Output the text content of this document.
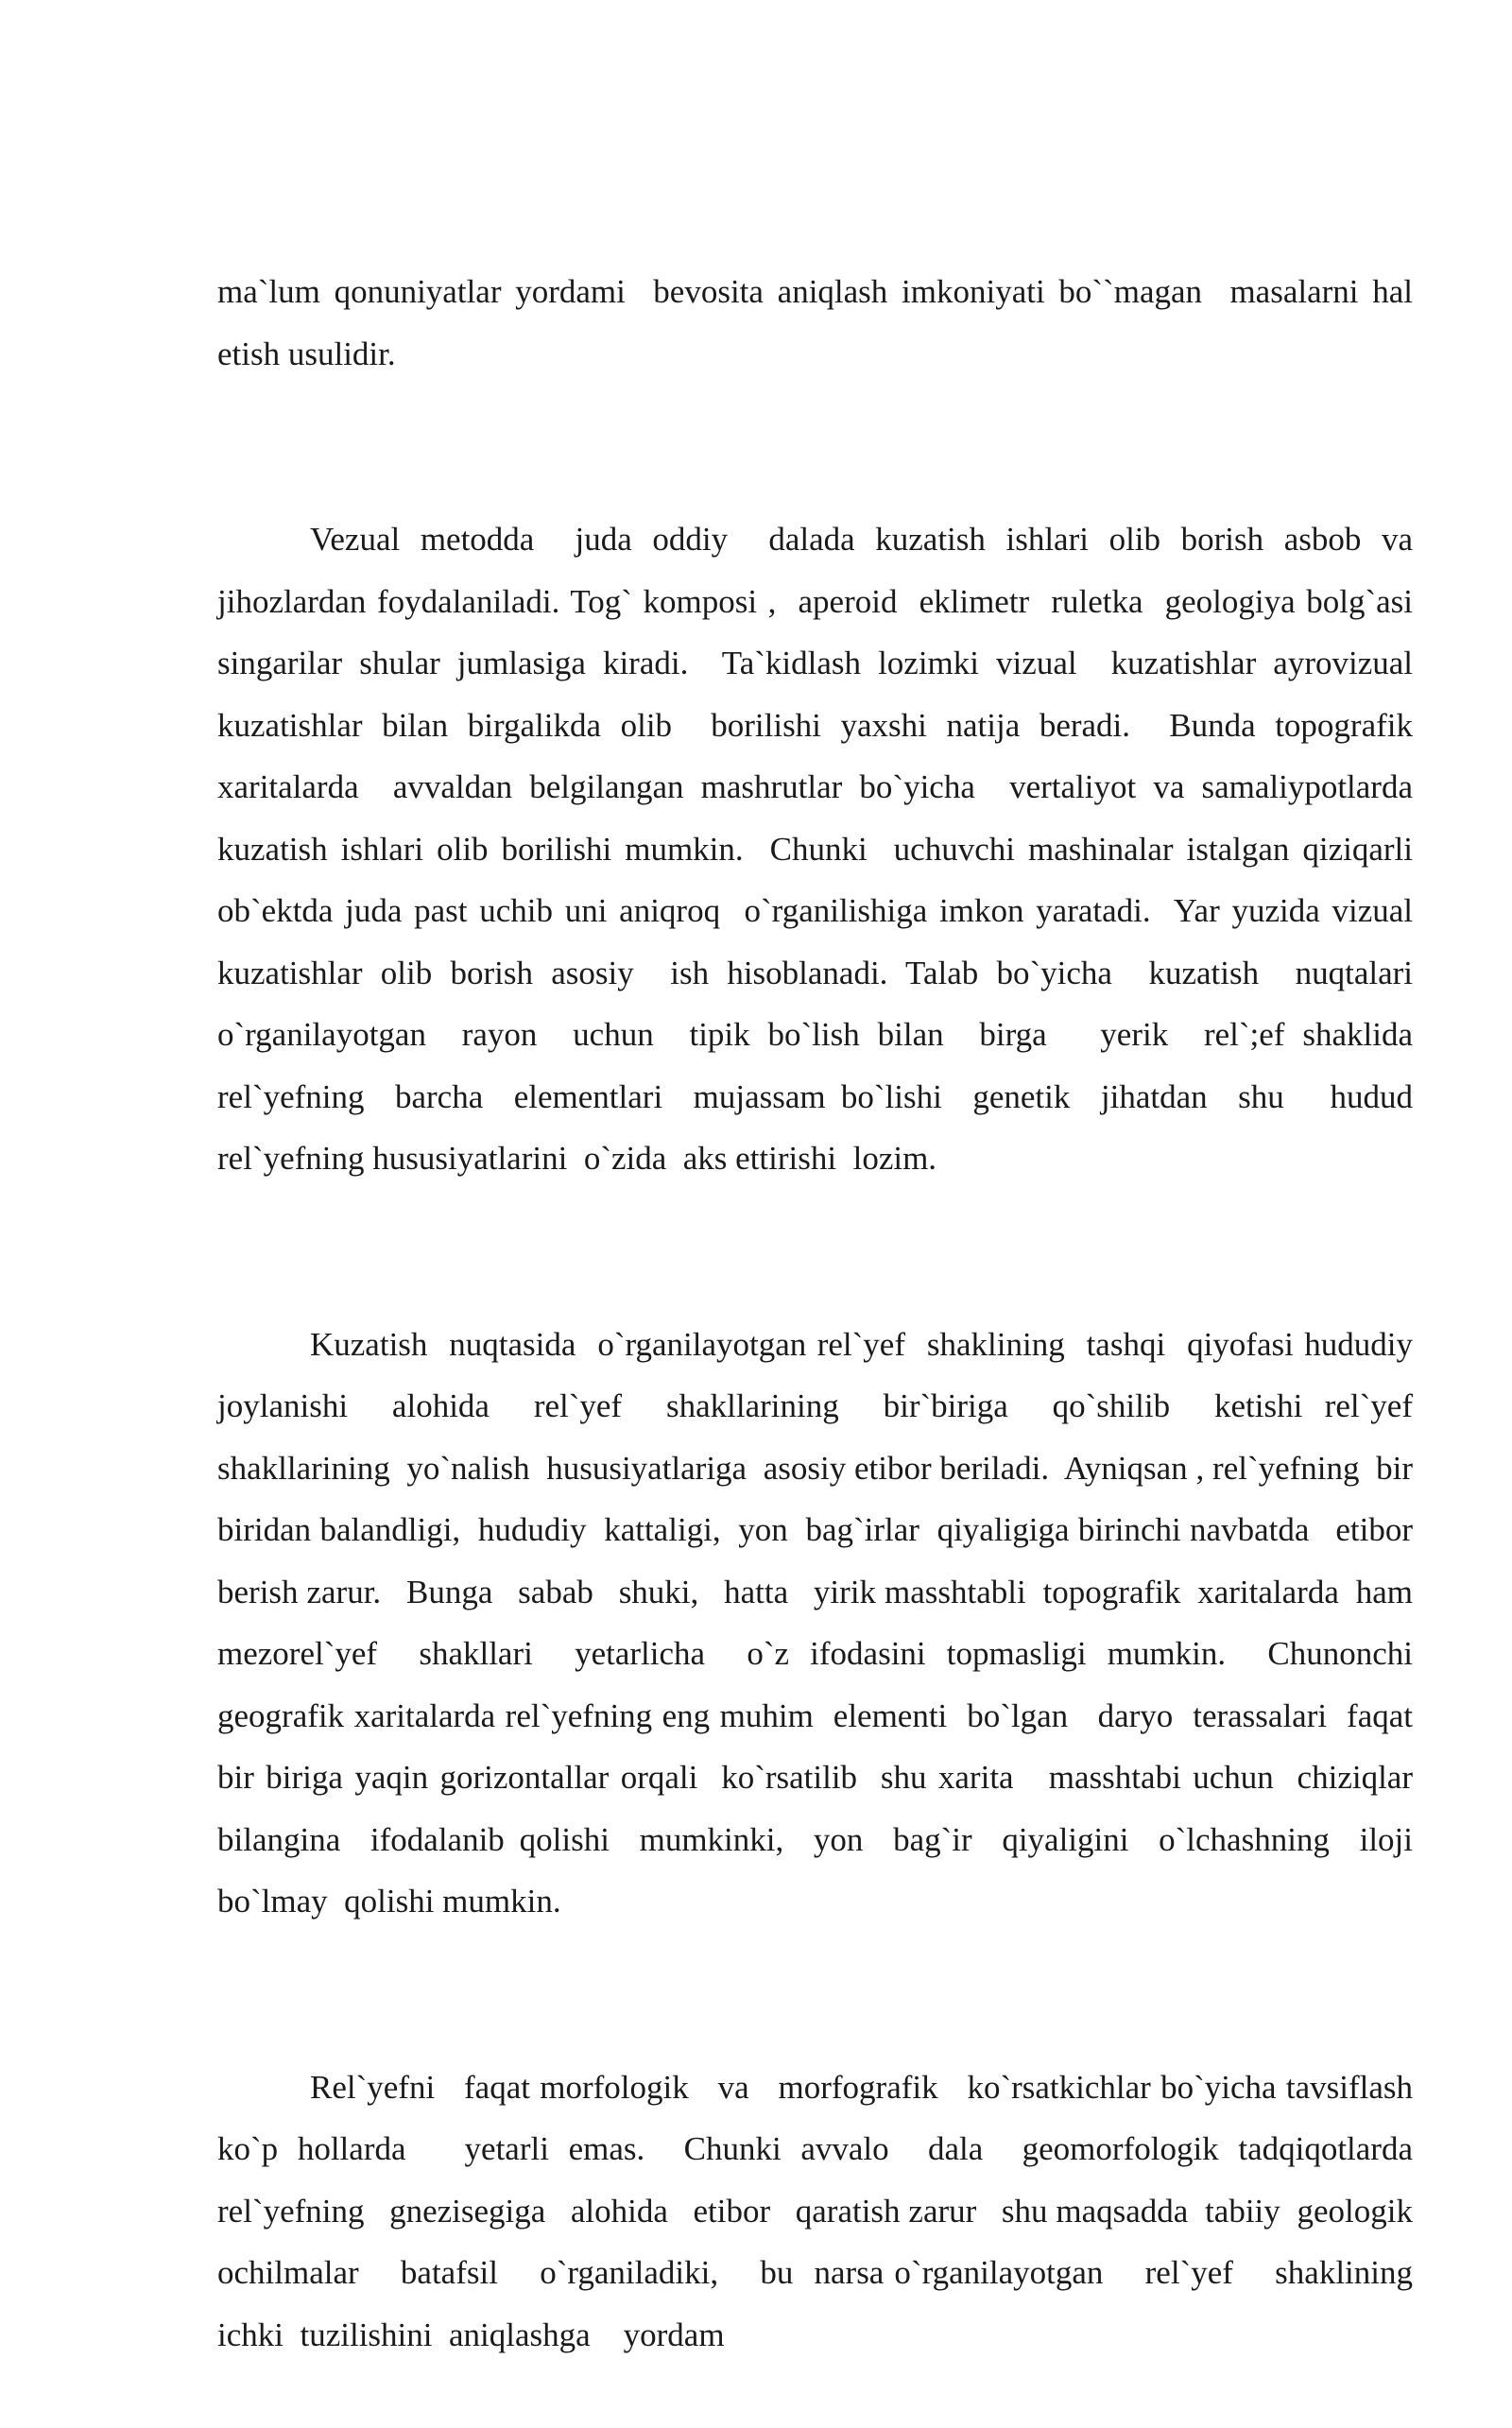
ma`lum qonuniyatlar yordami  bevosita aniqlash imkoniyati bo``magan  masalarni hal etish usulidir.

Vezual metodda  juda oddiy  dalada kuzatish ishlari olib borish asbob va jihozlardan foydalaniladi. Tog` komposi ,  aperoid  eklimetr  ruletka  geologiya bolg`asi singarilar shular jumlasiga kiradi.  Ta`kidlash lozimki vizual  kuzatishlar ayrovizual  kuzatishlar bilan birgalikda olib  borilishi yaxshi natija beradi.  Bunda topografik xaritalarda  avvaldan belgilangan mashrutlar bo`yicha  vertaliyot va samaliypotlarda kuzatish ishlari olib borilishi mumkin.  Chunki  uchuvchi mashinalar istalgan qiziqarli ob`ektda juda past uchib uni aniqroq  o`rganilishiga imkon yaratadi.  Yar yuzida vizual kuzatishlar olib borish asosiy  ish hisoblanadi. Talab bo`yicha  kuzatish  nuqtalari  o`rganilayotgan  rayon  uchun  tipik bo`lish bilan  birga   yerik  rel`;ef shaklida  rel`yefning  barcha  elementlari  mujassam bo`lishi  genetik  jihatdan  shu   hudud  rel`yefning hususiyatlarini  o`zida  aks ettirishi  lozim.

Kuzatish  nuqtasida  o`rganilayotgan rel`yef  shaklining  tashqi  qiyofasi hududiy  joylanishi  alohida  rel`yef  shakllarining  bir`biriga  qo`shilib  ketishi rel`yef  shakllarining  yo`nalish  hususiyatlariga  asosiy etibor beriladi.  Ayniqsan , rel`yefning  bir  biridan balandligi,  hududiy  kattaligi,  yon  bag`irlar  qiyaligiga birinchi navbatda   etibor   berish zarur.   Bunga   sabab   shuki,   hatta   yirik masshtabli  topografik  xaritalarda  ham  mezorel`yef  shakllari  yetarlicha  o`z ifodasini topmasligi mumkin.  Chunonchi  geografik xaritalarda rel`yefning eng muhim  elementi  bo`lgan   daryo  terassalari  faqat bir biriga yaqin gorizontallar orqali  ko`rsatilib  shu xarita   masshtabi uchun  chiziqlar  bilangina  ifodalanib qolishi  mumkinki,  yon  bag`ir  qiyaligini  o`lchashning  iloji  bo`lmay  qolishi mumkin.

Rel`yefni   faqat morfologik   va   morfografik   ko`rsatkichlar bo`yicha tavsiflash   ko`p hollarda   yetarli emas.  Chunki avvalo  dala  geomorfologik tadqiqotlarda   rel`yefning   gnezisegiga   alohida   etibor   qaratish zarur   shu maqsadda  tabiiy  geologik    ochilmalar    batafsil    o`rganiladiki,    bu  narsa o`rganilayotgan    rel`yef    shaklining    ichki  tuzilishini  aniqlashga    yordam
